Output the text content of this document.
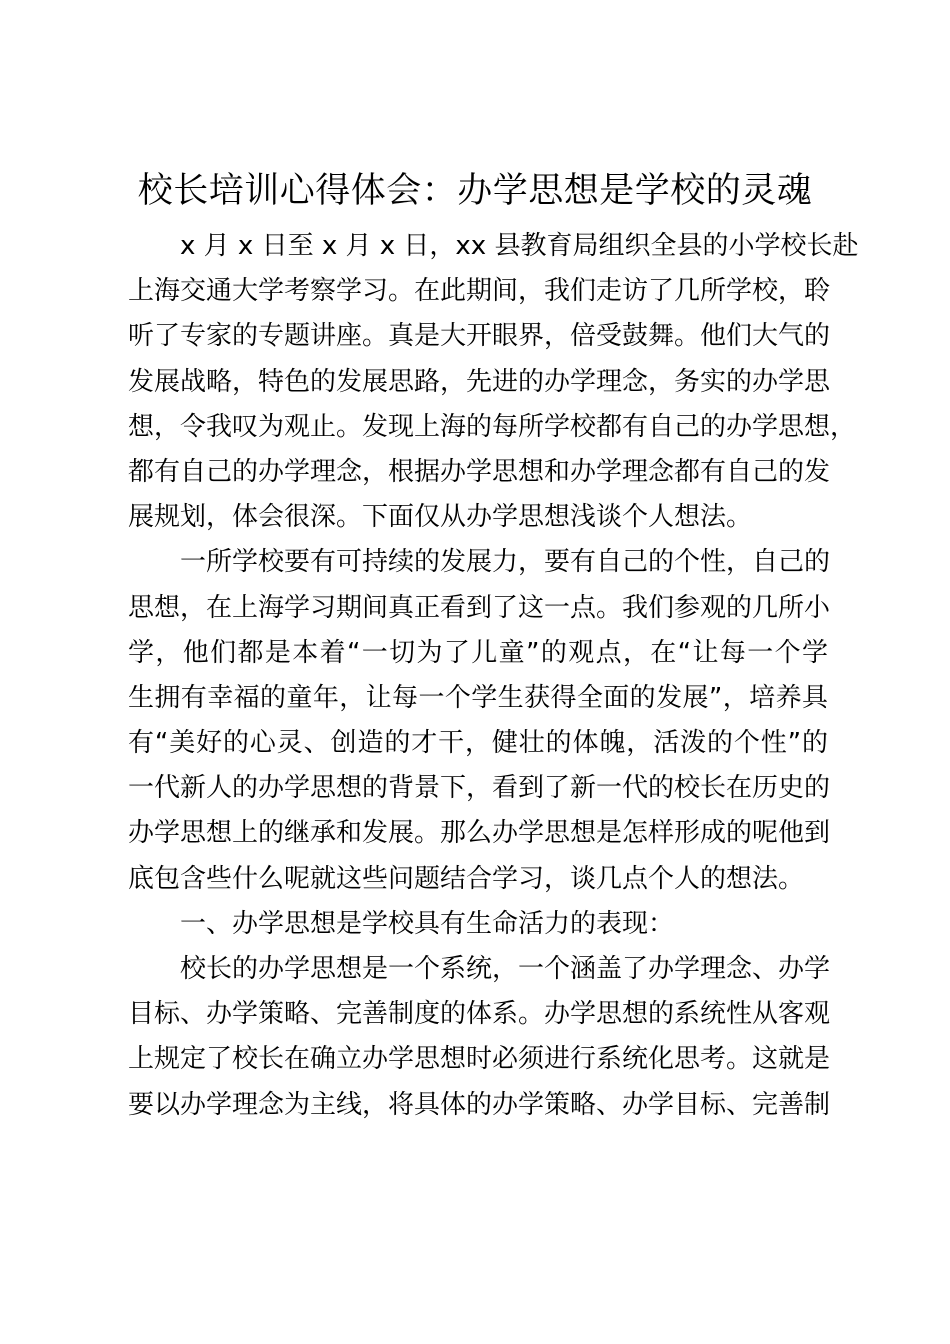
校长培训心得体会：办学思想是学校的灵魂
x 月 x 日至 x 月 x 日，xx 县教育局组织全县的小学校长赴
上海交通大学考察学习。在此期间，我们走访了几所学校，聆
听了专家的专题讲座。真是大开眼界，倍受鼓舞。他们大气的
发展战略，特色的发展思路，先进的办学理念，务实的办学思
想，令我叹为观止。发现上海的每所学校都有自己的办学思想，
都有自己的办学理念，根据办学思想和办学理念都有自己的发
展规划，体会很深。下面仅从办学思想浅谈个人想法。
一所学校要有可持续的发展力，要有自己的个性，自己的
思想，在上海学习期间真正看到了这一点。我们参观的几所小
学，他们都是本着“一切为了儿童”的观点，在“让每一个学
生拥有幸福的童年，让每一个学生获得全面的发展”，培养具
有“美好的心灵、创造的才干，健壮的体魄，活泼的个性”的
一代新人的办学思想的背景下，看到了新一代的校长在历史的
办学思想上的继承和发展。那么办学思想是怎样形成的呢他到
底包含些什么呢就这些问题结合学习，谈几点个人的想法。
一、办学思想是学校具有生命活力的表现：
校长的办学思想是一个系统，一个涵盖了办学理念、办学
目标、办学策略、完善制度的体系。办学思想的系统性从客观
上规定了校长在确立办学思想时必须进行系统化思考。这就是
要以办学理念为主线，将具体的办学策略、办学目标、完善制
